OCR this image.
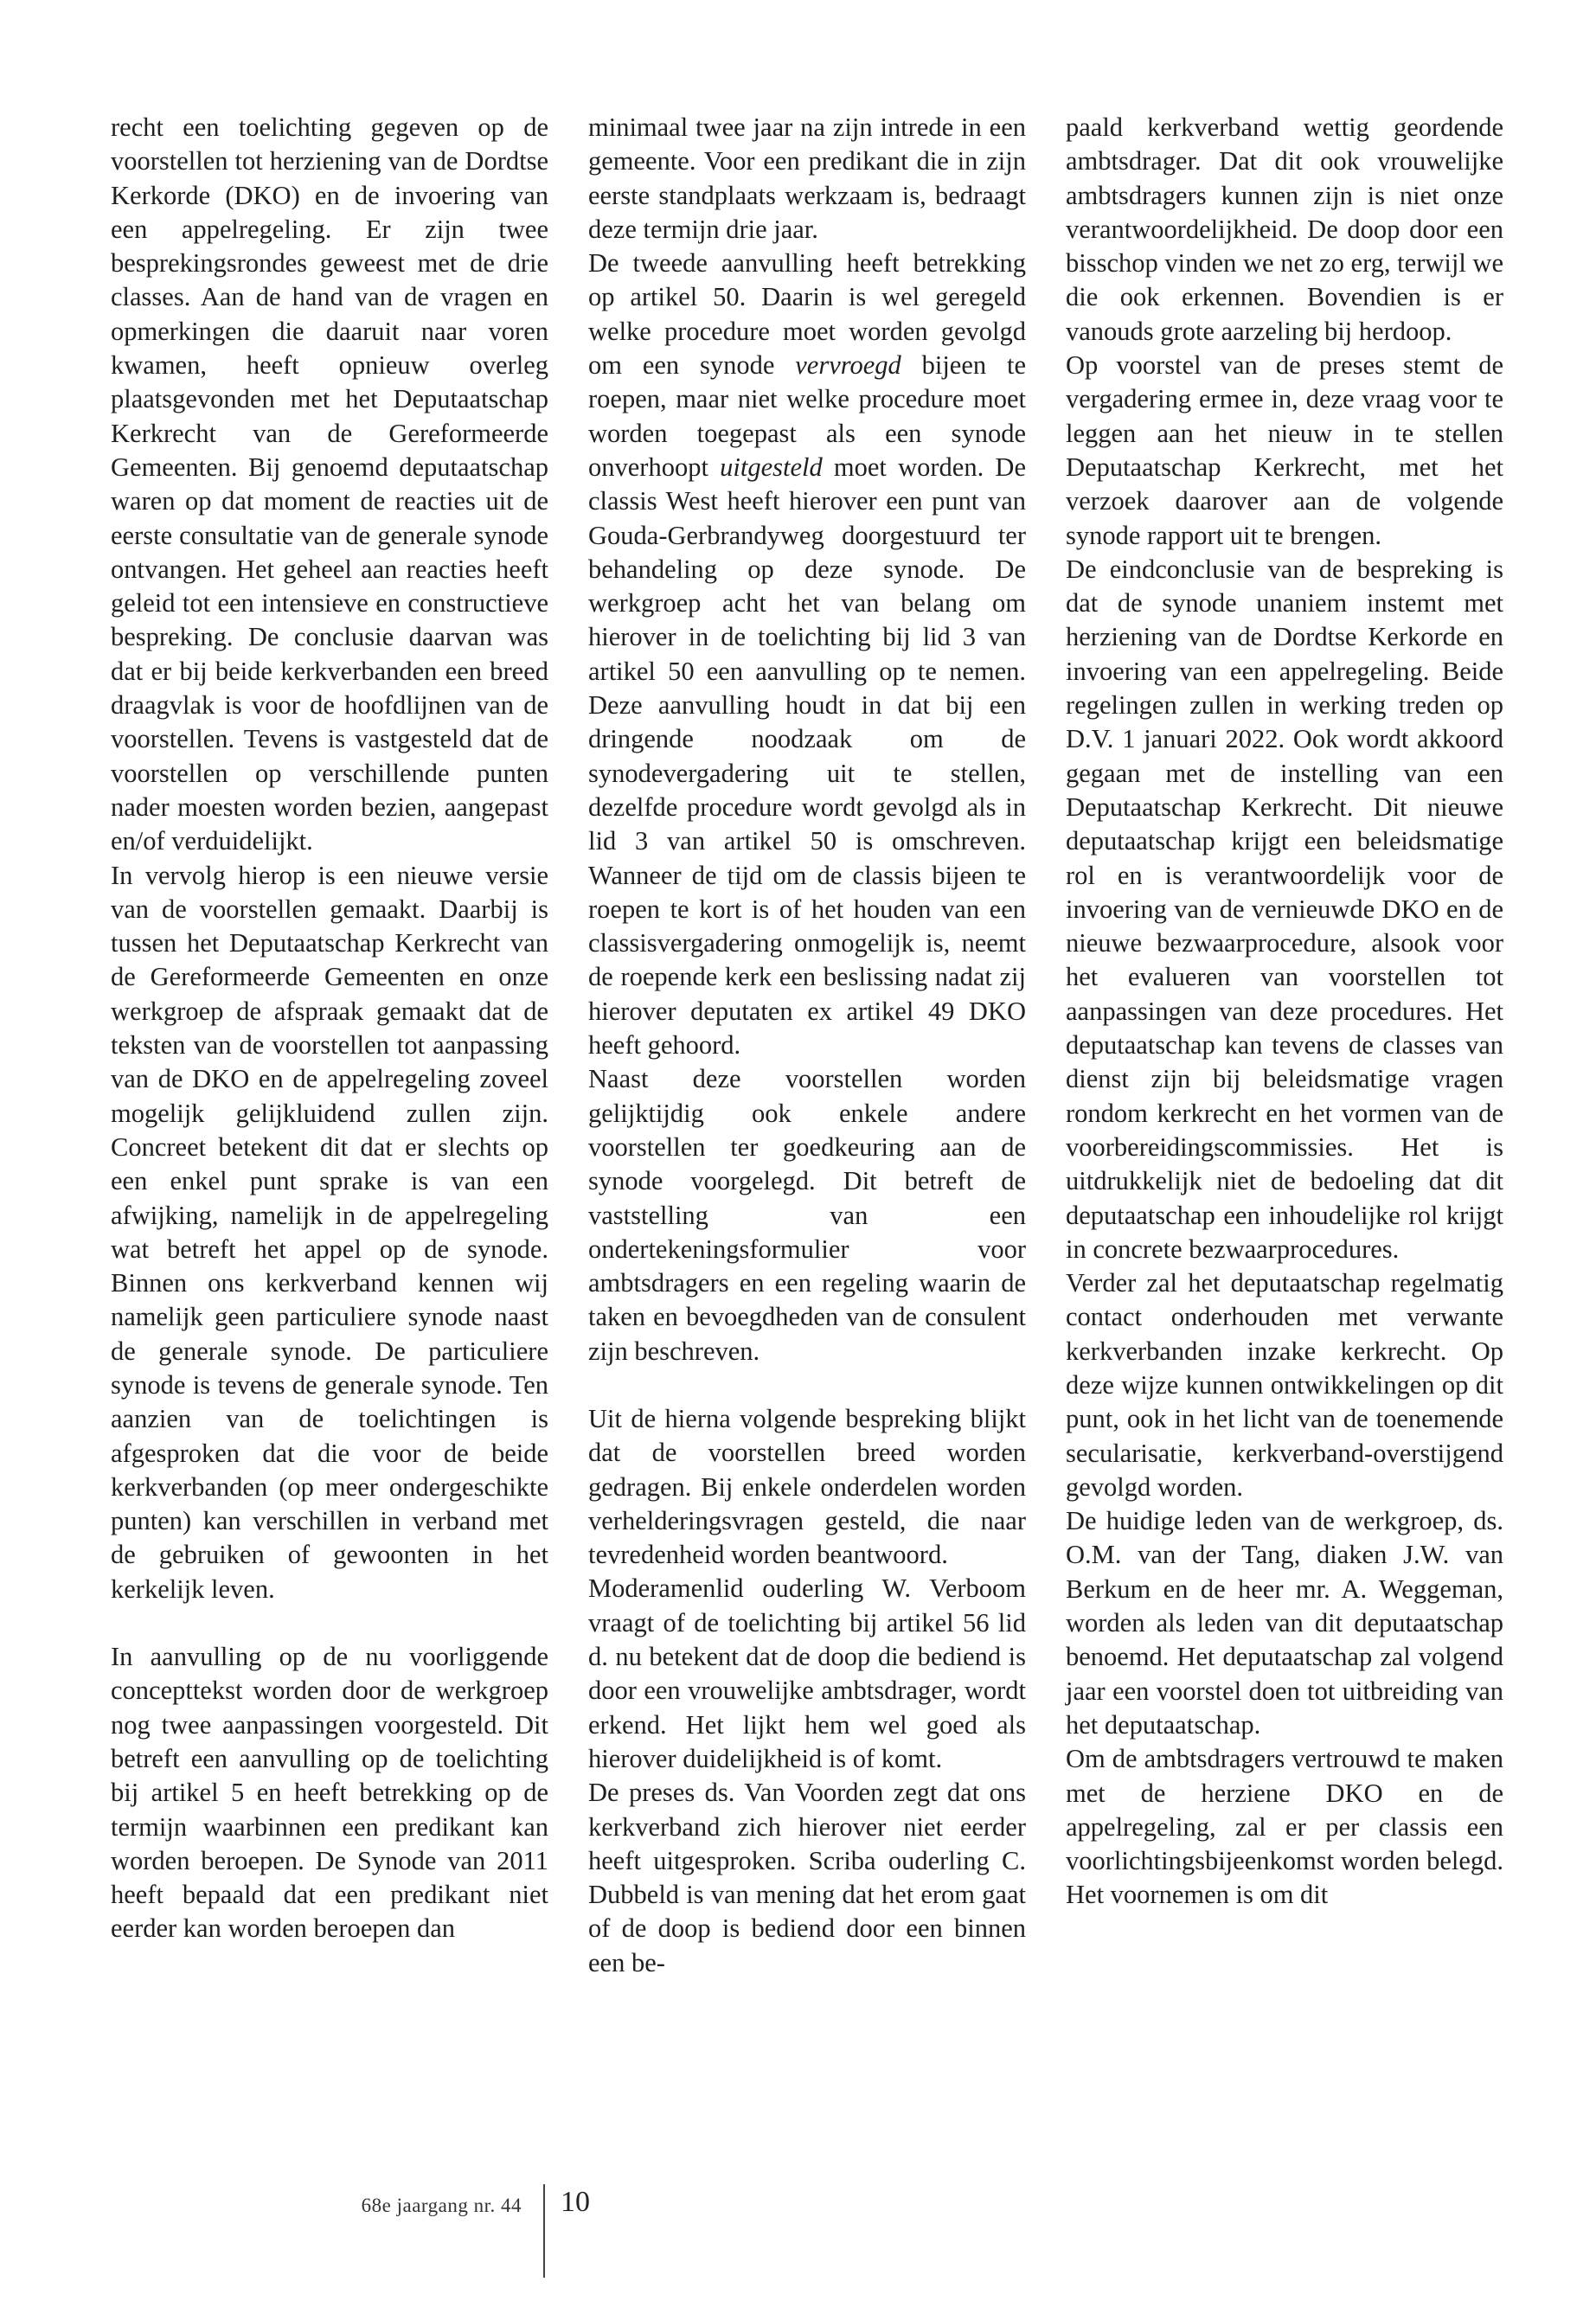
recht een toelichting gegeven op de voorstellen tot herziening van de Dordtse Kerkorde (DKO) en de invoering van een appelregeling. Er zijn twee besprekingsrondes geweest met de drie classes. Aan de hand van de vragen en opmerkingen die daaruit naar voren kwamen, heeft opnieuw overleg plaatsgevonden met het Deputaatschap Kerkrecht van de Gereformeerde Gemeenten. Bij genoemd deputaatschap waren op dat moment de reacties uit de eerste consultatie van de generale synode ontvangen. Het geheel aan reacties heeft geleid tot een intensieve en constructieve bespreking. De conclusie daarvan was dat er bij beide kerkverbanden een breed draagvlak is voor de hoofdlijnen van de voorstellen. Tevens is vastgesteld dat de voorstellen op verschillende punten nader moesten worden bezien, aangepast en/of verduidelijkt.

In vervolg hierop is een nieuwe versie van de voorstellen gemaakt. Daarbij is tussen het Deputaatschap Kerkrecht van de Gereformeerde Gemeenten en onze werkgroep de afspraak gemaakt dat de teksten van de voorstellen tot aanpassing van de DKO en de appelregeling zoveel mogelijk gelijkluidend zullen zijn. Concreet betekent dit dat er slechts op een enkel punt sprake is van een afwijking, namelijk in de appelregeling wat betreft het appel op de synode. Binnen ons kerkverband kennen wij namelijk geen particuliere synode naast de generale synode. De particuliere synode is tevens de generale synode. Ten aanzien van de toelichtingen is afgesproken dat die voor de beide kerkverbanden (op meer ondergeschikte punten) kan verschillen in verband met de gebruiken of gewoonten in het kerkelijk leven.

In aanvulling op de nu voorliggende concepttekst worden door de werkgroep nog twee aanpassingen voorgesteld. Dit betreft een aanvulling op de toelichting bij artikel 5 en heeft betrekking op de termijn waarbinnen een predikant kan worden beroepen. De Synode van 2011 heeft bepaald dat een predikant niet eerder kan worden beroepen dan

minimaal twee jaar na zijn intrede in een gemeente. Voor een predikant die in zijn eerste standplaats werkzaam is, bedraagt deze termijn drie jaar.

De tweede aanvulling heeft betrekking op artikel 50. Daarin is wel geregeld welke procedure moet worden gevolgd om een synode vervroegd bijeen te roepen, maar niet welke procedure moet worden toegepast als een synode onverhoopt uitgesteld moet worden. De classis West heeft hierover een punt van Gouda-Gerbrandyweg doorgestuurd ter behandeling op deze synode. De werkgroep acht het van belang om hierover in de toelichting bij lid 3 van artikel 50 een aanvulling op te nemen. Deze aanvulling houdt in dat bij een dringende noodzaak om de synodevergadering uit te stellen, dezelfde procedure wordt gevolgd als in lid 3 van artikel 50 is omschreven. Wanneer de tijd om de classis bijeen te roepen te kort is of het houden van een classisvergadering onmogelijk is, neemt de roepende kerk een beslissing nadat zij hierover deputaten ex artikel 49 DKO heeft gehoord.

Naast deze voorstellen worden gelijktijdig ook enkele andere voorstellen ter goedkeuring aan de synode voorgelegd. Dit betreft de vaststelling van een ondertekeningsformulier voor ambtsdragers en een regeling waarin de taken en bevoegdheden van de consulent zijn beschreven.

Uit de hierna volgende bespreking blijkt dat de voorstellen breed worden gedragen. Bij enkele onderdelen worden verhelderingsvragen gesteld, die naar tevredenheid worden beantwoord.

Moderamenlid ouderling W. Verboom vraagt of de toelichting bij artikel 56 lid d. nu betekent dat de doop die bediend is door een vrouwelijke ambtsdrager, wordt erkend. Het lijkt hem wel goed als hierover duidelijkheid is of komt.

De preses ds. Van Voorden zegt dat ons kerkverband zich hierover niet eerder heeft uitgesproken. Scriba ouderling C. Dubbeld is van mening dat het erom gaat of de doop is bediend door een binnen een be-

paald kerkverband wettig geordende ambtsdrager. Dat dit ook vrouwelijke ambtsdragers kunnen zijn is niet onze verantwoordelijkheid. De doop door een bisschop vinden we net zo erg, terwijl we die ook erkennen. Bovendien is er vanouds grote aarzeling bij herdoop.

Op voorstel van de preses stemt de vergadering ermee in, deze vraag voor te leggen aan het nieuw in te stellen Deputaatschap Kerkrecht, met het verzoek daarover aan de volgende synode rapport uit te brengen.

De eindconclusie van de bespreking is dat de synode unaniem instemt met herziening van de Dordtse Kerkorde en invoering van een appelregeling. Beide regelingen zullen in werking treden op D.V. 1 januari 2022. Ook wordt akkoord gegaan met de instelling van een Deputaatschap Kerkrecht. Dit nieuwe deputaatschap krijgt een beleidsmatige rol en is verantwoordelijk voor de invoering van de vernieuwde DKO en de nieuwe bezwaarprocedure, alsook voor het evalueren van voorstellen tot aanpassingen van deze procedures. Het deputaatschap kan tevens de classes van dienst zijn bij beleidsmatige vragen rondom kerkrecht en het vormen van de voorbereidingscommissies. Het is uitdrukkelijk niet de bedoeling dat dit deputaatschap een inhoudelijke rol krijgt in concrete bezwaarprocedures.

Verder zal het deputaatschap regelmatig contact onderhouden met verwante kerkverbanden inzake kerkrecht. Op deze wijze kunnen ontwikkelingen op dit punt, ook in het licht van de toenemende secularisatie, kerkverband-overstijgend gevolgd worden.

De huidige leden van de werkgroep, ds. O.M. van der Tang, diaken J.W. van Berkum en de heer mr. A. Weggeman, worden als leden van dit deputaatschap benoemd. Het deputaatschap zal volgend jaar een voorstel doen tot uitbreiding van het deputaatschap.

Om de ambtsdragers vertrouwd te maken met de herziene DKO en de appelregeling, zal er per classis een voorlichtingsbijeenkomst worden belegd. Het voornemen is om dit

68e jaargang nr. 44 10
